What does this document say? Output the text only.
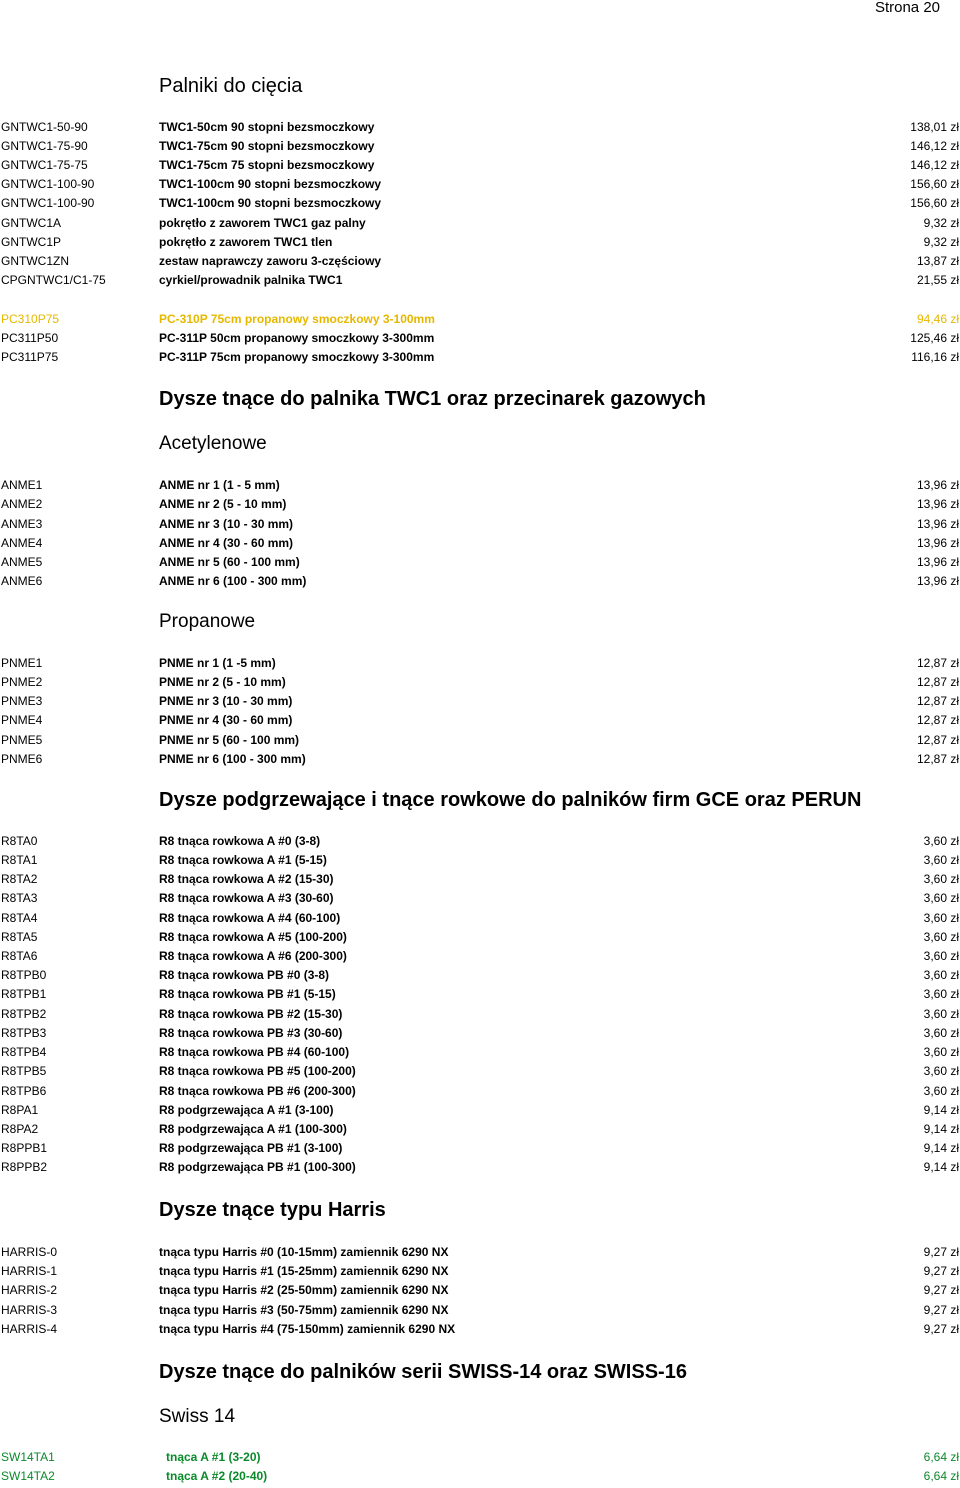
Strona 20
Palniki do cięcia
GNTWC1-50-90	TWC1-50cm 90 stopni bezsmoczkowy	138,01 zł
GNTWC1-75-90	TWC1-75cm 90 stopni bezsmoczkowy	146,12 zł
GNTWC1-75-75	TWC1-75cm 75 stopni bezsmoczkowy	146,12 zł
GNTWC1-100-90	TWC1-100cm 90 stopni bezsmoczkowy	156,60 zł
GNTWC1-100-90	TWC1-100cm 90 stopni bezsmoczkowy	156,60 zł
GNTWC1A	pokrętło z zaworem TWC1 gaz palny	9,32 zł
GNTWC1P	pokrętło z zaworem TWC1 tlen	9,32 zł
GNTWC1ZN	zestaw naprawczy zaworu 3-częściowy	13,87 zł
CPGNTWC1/C1-75	cyrkiel/prowadnik palnika TWC1	21,55 zł
PC310P75	PC-310P 75cm propanowy smoczkowy 3-100mm	94,46 zł
PC311P50	PC-311P 50cm propanowy smoczkowy 3-300mm	125,46 zł
PC311P75	PC-311P 75cm propanowy smoczkowy 3-300mm	116,16 zł
Dysze tnące do palnika TWC1 oraz przecinarek gazowych
Acetylenowe
ANME1	ANME nr 1 (1 - 5 mm)	13,96 zł
ANME2	ANME nr 2 (5 - 10 mm)	13,96 zł
ANME3	ANME nr 3 (10 - 30 mm)	13,96 zł
ANME4	ANME nr 4 (30 - 60 mm)	13,96 zł
ANME5	ANME nr 5 (60 - 100 mm)	13,96 zł
ANME6	ANME nr 6 (100 - 300 mm)	13,96 zł
Propanowe
PNME1	PNME nr 1 (1 -5 mm)	12,87 zł
PNME2	PNME nr 2 (5 - 10 mm)	12,87 zł
PNME3	PNME nr 3 (10 - 30 mm)	12,87 zł
PNME4	PNME nr 4 (30 - 60 mm)	12,87 zł
PNME5	PNME nr 5 (60 - 100 mm)	12,87 zł
PNME6	PNME nr 6 (100 - 300 mm)	12,87 zł
Dysze podgrzewające i tnące rowkowe do palników firm GCE oraz PERUN
R8TA0	R8 tnąca rowkowa A #0 (3-8)	3,60 zł
R8TA1	R8 tnąca rowkowa A #1 (5-15)	3,60 zł
R8TA2	R8 tnąca rowkowa A #2 (15-30)	3,60 zł
R8TA3	R8 tnąca rowkowa A #3 (30-60)	3,60 zł
R8TA4	R8 tnąca rowkowa A #4 (60-100)	3,60 zł
R8TA5	R8 tnąca rowkowa A #5 (100-200)	3,60 zł
R8TA6	R8 tnąca rowkowa A #6 (200-300)	3,60 zł
R8TPB0	R8 tnąca rowkowa PB #0 (3-8)	3,60 zł
R8TPB1	R8 tnąca rowkowa PB #1 (5-15)	3,60 zł
R8TPB2	R8 tnąca rowkowa PB #2 (15-30)	3,60 zł
R8TPB3	R8 tnąca rowkowa PB #3 (30-60)	3,60 zł
R8TPB4	R8 tnąca rowkowa PB #4 (60-100)	3,60 zł
R8TPB5	R8 tnąca rowkowa PB #5 (100-200)	3,60 zł
R8TPB6	R8 tnąca rowkowa PB #6 (200-300)	3,60 zł
R8PA1	R8 podgrzewająca A #1 (3-100)	9,14 zł
R8PA2	R8 podgrzewająca A #1 (100-300)	9,14 zł
R8PPB1	R8 podgrzewająca PB #1 (3-100)	9,14 zł
R8PPB2	R8 podgrzewająca PB #1 (100-300)	9,14 zł
Dysze tnące typu Harris
HARRIS-0	tnąca typu Harris #0 (10-15mm) zamiennik 6290 NX	9,27 zł
HARRIS-1	tnąca typu Harris #1 (15-25mm) zamiennik 6290 NX	9,27 zł
HARRIS-2	tnąca typu Harris #2 (25-50mm) zamiennik 6290 NX	9,27 zł
HARRIS-3	tnąca typu Harris #3 (50-75mm) zamiennik 6290 NX	9,27 zł
HARRIS-4	tnąca typu Harris #4 (75-150mm) zamiennik 6290 NX	9,27 zł
Dysze tnące do palników serii SWISS-14 oraz SWISS-16
Swiss 14
SW14TA1	tnąca A #1 (3-20)	6,64 zł
SW14TA2	tnąca A #2 (20-40)	6,64 zł
